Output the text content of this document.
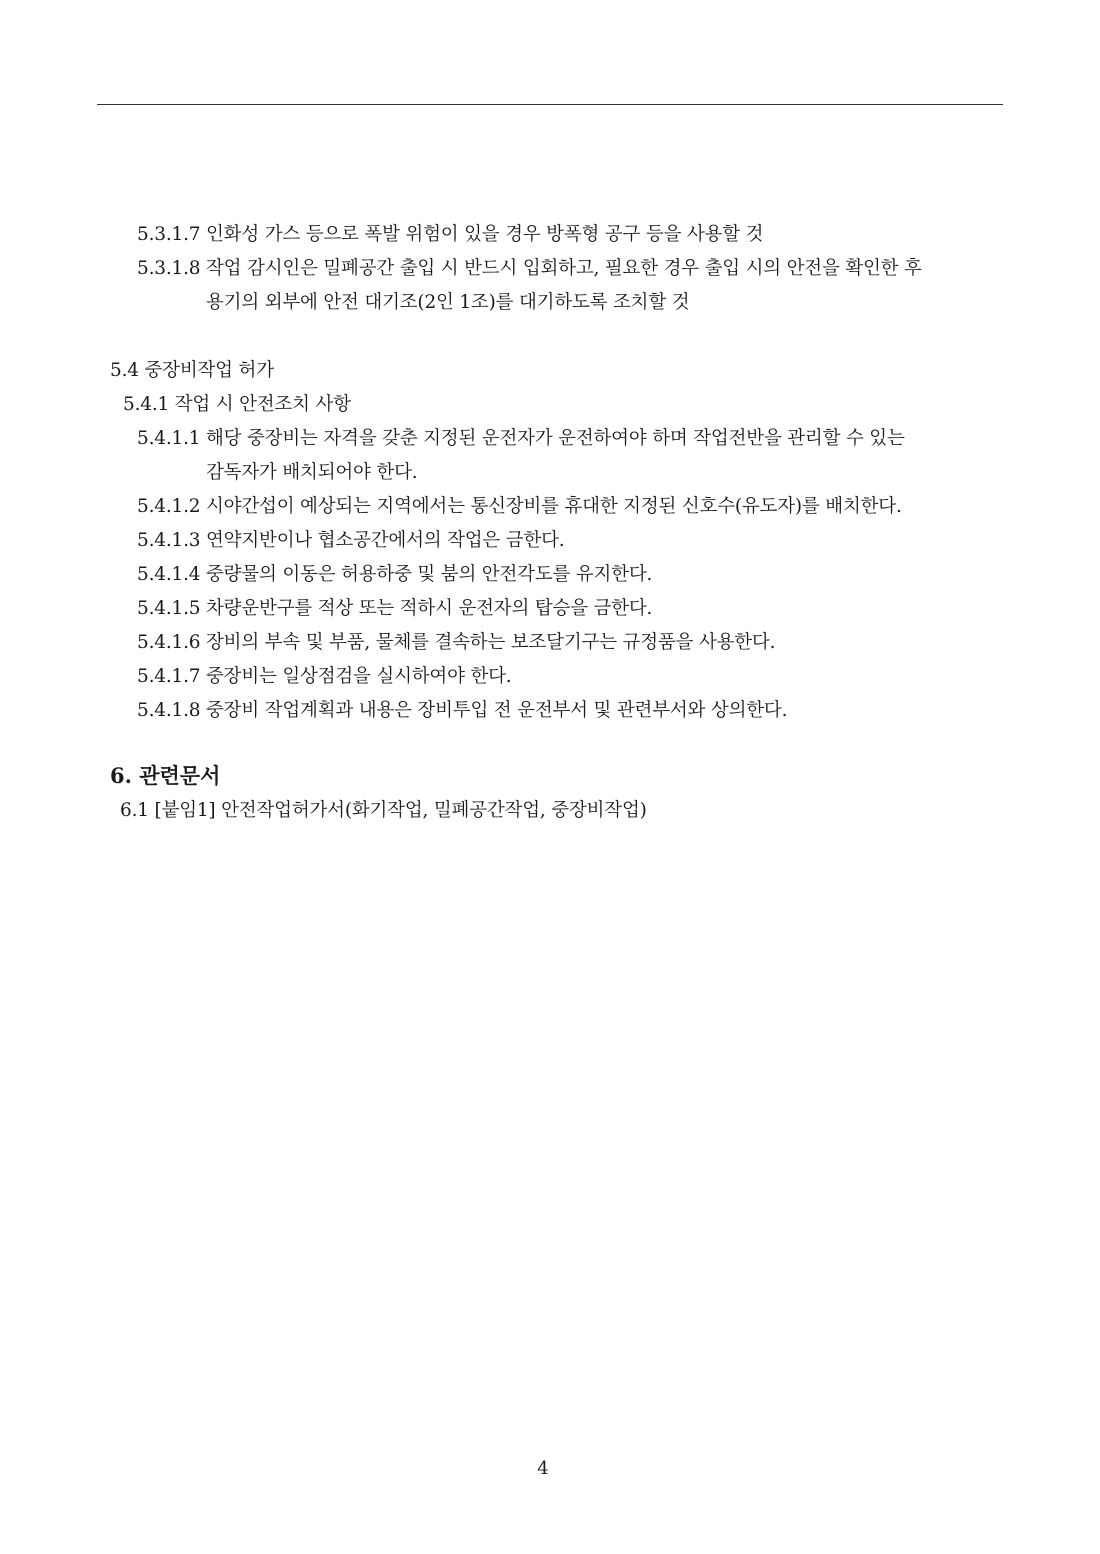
5.3.1.7 인화성 가스 등으로 폭발 위험이 있을 경우 방폭형 공구 등을 사용할 것
5.3.1.8 작업 감시인은 밀폐공간 출입 시 반드시 입회하고, 필요한 경우 출입 시의 안전을 확인한 후
용기의 외부에 안전 대기조(2인 1조)를 대기하도록 조치할 것
5.4 중장비작업 허가
5.4.1 작업 시 안전조치 사항
5.4.1.1 해당 중장비는 자격을 갖춘 지정된 운전자가 운전하여야 하며 작업전반을 관리할 수 있는
감독자가 배치되어야 한다.
5.4.1.2 시야간섭이 예상되는 지역에서는 통신장비를 휴대한 지정된 신호수(유도자)를 배치한다.
5.4.1.3 연약지반이나 협소공간에서의 작업은 금한다.
5.4.1.4 중량물의 이동은 허용하중 및 붐의 안전각도를 유지한다.
5.4.1.5 차량운반구를 적상 또는 적하시 운전자의 탑승을 금한다.
5.4.1.6 장비의 부속 및 부품, 물체를 결속하는 보조달기구는 규정품을 사용한다.
5.4.1.7 중장비는 일상점검을 실시하여야 한다.
5.4.1.8 중장비 작업계획과 내용은 장비투입 전 운전부서 및 관련부서와 상의한다.
6. 관련문서
6.1 [붙임1] 안전작업허가서(화기작업, 밀폐공간작업, 중장비작업)
4
